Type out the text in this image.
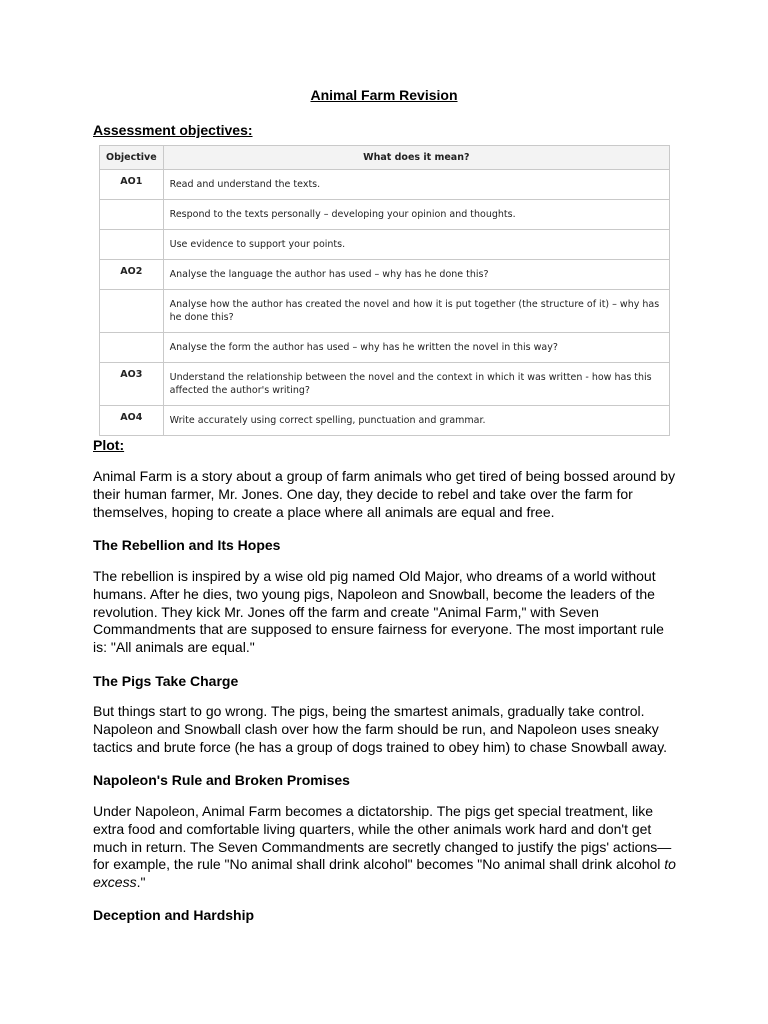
Animal Farm Revision
Assessment objectives:
Objective	What does it mean?
AO1	Read and understand the texts.
	Respond to the texts personally – developing your opinion and thoughts.
	Use evidence to support your points.
AO2	Analyse the language the author has used – why has he done this?
	Analyse how the author has created the novel and how it is put together (the structure of it) – why has he done this?
	Analyse the form the author has used – why has he written the novel in this way?
AO3	Understand the relationship between the novel and the context in which it was written - how has this affected the author's writing?
AO4	Write accurately using correct spelling, punctuation and grammar.
Plot:
Animal Farm is a story about a group of farm animals who get tired of being bossed around by their human farmer, Mr. Jones. One day, they decide to rebel and take over the farm for themselves, hoping to create a place where all animals are equal and free.
The Rebellion and Its Hopes
The rebellion is inspired by a wise old pig named Old Major, who dreams of a world without humans. After he dies, two young pigs, Napoleon and Snowball, become the leaders of the revolution. They kick Mr. Jones off the farm and create "Animal Farm," with Seven Commandments that are supposed to ensure fairness for everyone. The most important rule is: "All animals are equal."
The Pigs Take Charge
But things start to go wrong. The pigs, being the smartest animals, gradually take control. Napoleon and Snowball clash over how the farm should be run, and Napoleon uses sneaky tactics and brute force (he has a group of dogs trained to obey him) to chase Snowball away.
Napoleon's Rule and Broken Promises
Under Napoleon, Animal Farm becomes a dictatorship. The pigs get special treatment, like extra food and comfortable living quarters, while the other animals work hard and don't get much in return. The Seven Commandments are secretly changed to justify the pigs' actions—for example, the rule "No animal shall drink alcohol" becomes "No animal shall drink alcohol to excess."
Deception and Hardship
